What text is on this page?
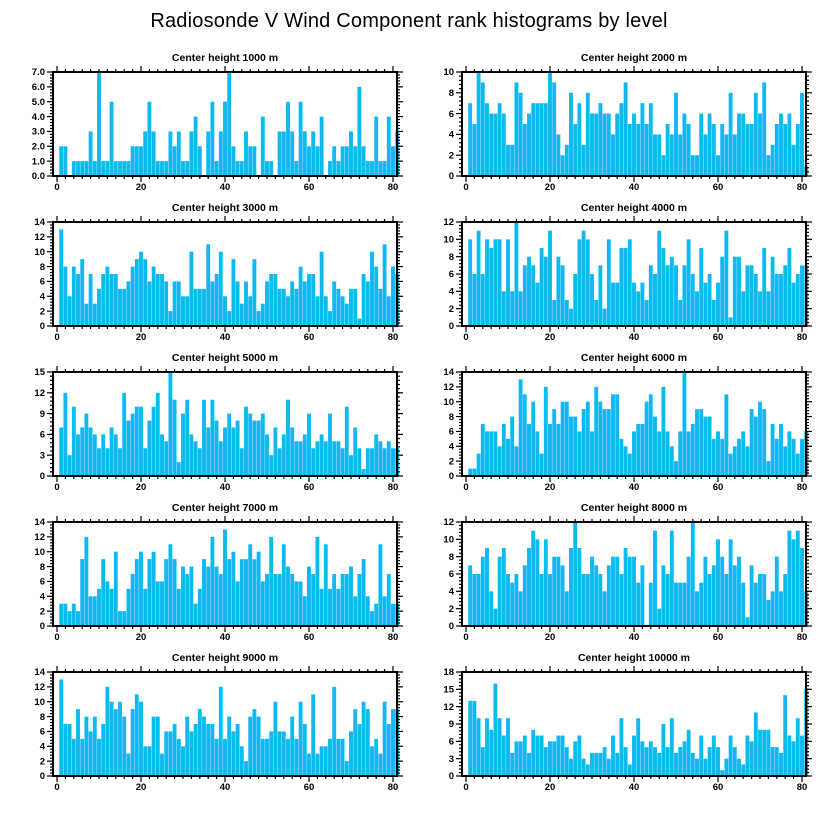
Radiosonde V Wind Component rank histograms by level
Center height 1000 m
0	20	40	60	80
0.0
1.0
2.0
3.0
4.0
5.0
6.0
7.0
Center height 2000 m
0	20	40	60	80
0
2
4
6
8
10
Center height 3000 m
0	20	40	60	80
0
2
4
6
8
10
12
14
Center height 4000 m
0	20	40	60	80
0
2
4
6
8
10
12
Center height 5000 m
0	20	40	60	80
0
3
6
9
12
15
Center height 6000 m
0	20	40	60	80
0
2
4
6
8
10
12
14
Center height 7000 m
0	20	40	60	80
0
2
4
6
8
10
12
14
Center height 8000 m
0	20	40	60	80
0
2
4
6
8
10
12
Center height 9000 m
0	20	40	60	80
0
2
4
6
8
10
12
14
Center height 10000 m
0	20	40	60	80
0
3
6
9
12
15
18
